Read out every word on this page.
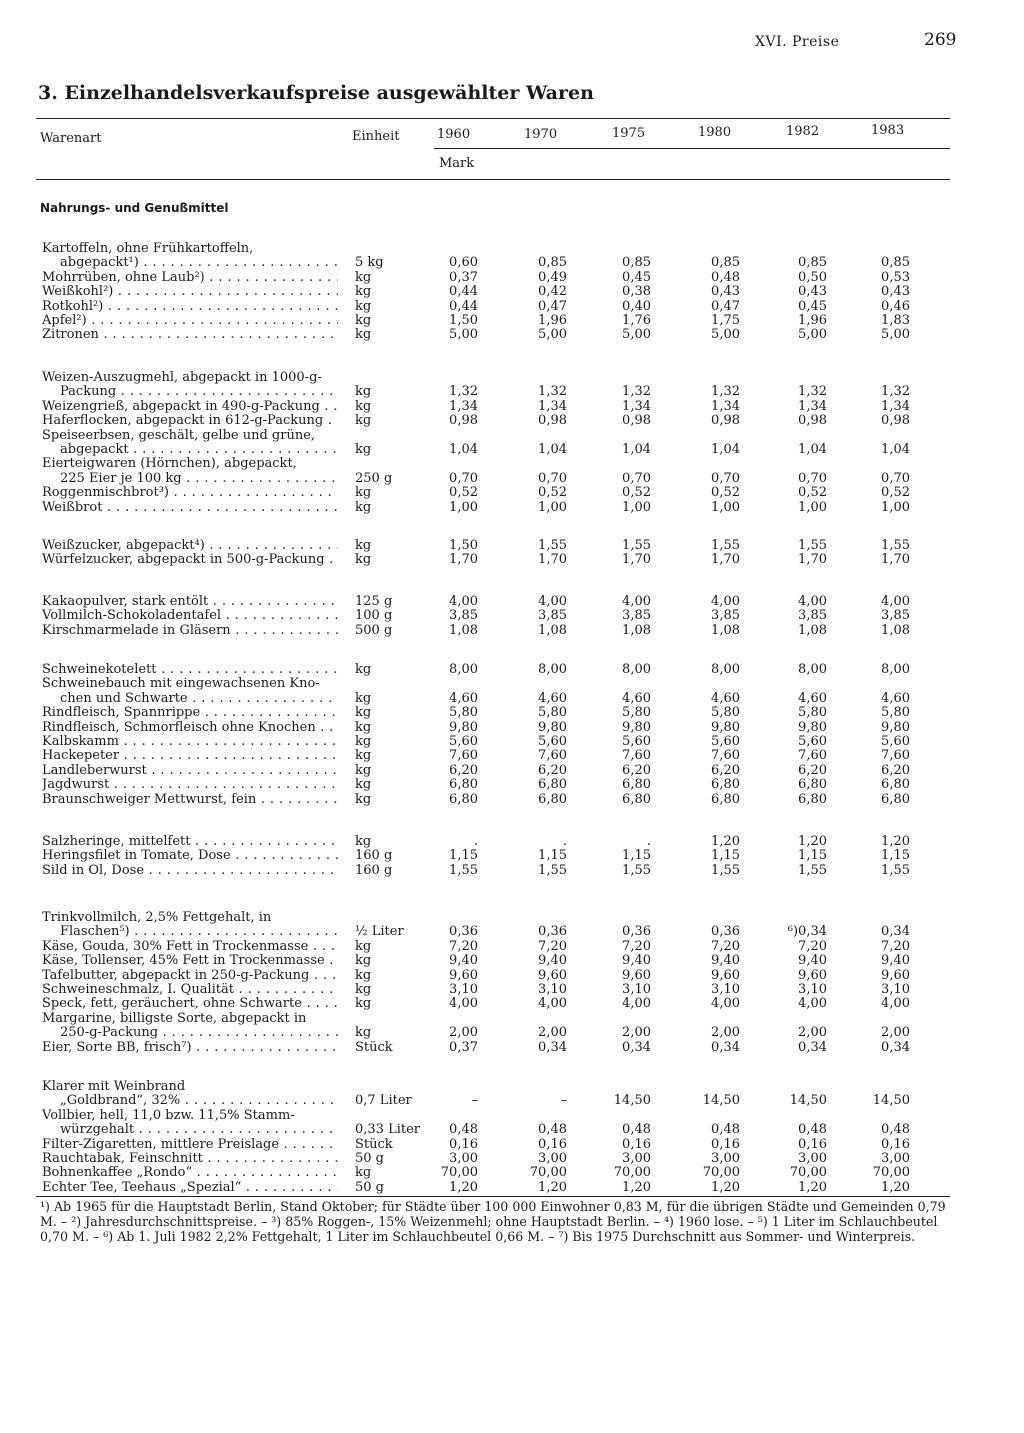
XVI. Preise	269
3. Einzelhandelsverkaufspreise ausgewählter Waren
Warenart	Einheit	1960	1970	1975	1980	1982	1983
Mark
Nahrungs- und Genußmittel
Kartoffeln, ohne Frühkartoffeln,
abgepackt¹) . . .	5 kg	0,60	0,85	0,85	0,85	0,85	0,85
Mohrrüben, ohne Laub²) . . .	kg	0,37	0,49	0,45	0,48	0,50	0,53
Weißkohl²) . . .	kg	0,44	0,42	0,38	0,43	0,43	0,43
Rotkohl²) . . .	kg	0,44	0,47	0,40	0,47	0,45	0,46
Äpfel²) . . .	kg	1,50	1,96	1,76	1,75	1,96	1,83
Zitronen . . .	kg	5,00	5,00	5,00	5,00	5,00	5,00
Weizen-Auszugmehl, abgepackt in 1000-g-
Packung . . .	kg	1,32	1,32	1,32	1,32	1,32	1,32
Weizengrieß, abgepackt in 490-g-Packung . . .	kg	1,34	1,34	1,34	1,34	1,34	1,34
Haferflocken, abgepackt in 612-g-Packung . . .	kg	0,98	0,98	0,98	0,98	0,98	0,98
Speiseerbsen, geschält, gelbe und grüne,
abgepackt . . .	kg	1,04	1,04	1,04	1,04	1,04	1,04
Eierteigwaren (Hörnchen), abgepackt,
225 Eier je 100 kg . . .	250 g	0,70	0,70	0,70	0,70	0,70	0,70
Roggenmischbrot³) . . .	kg	0,52	0,52	0,52	0,52	0,52	0,52
Weißbrot . . .	kg	1,00	1,00	1,00	1,00	1,00	1,00
Weißzucker, abgepackt⁴) . . .	kg	1,50	1,55	1,55	1,55	1,55	1,55
Würfelzucker, abgepackt in 500-g-Packung . . .	kg	1,70	1,70	1,70	1,70	1,70	1,70
Kakaopulver, stark entölt . . .	125 g	4,00	4,00	4,00	4,00	4,00	4,00
Vollmilch-Schokoladentafel . . .	100 g	3,85	3,85	3,85	3,85	3,85	3,85
Kirschmarmelade in Gläsern . . .	500 g	1,08	1,08	1,08	1,08	1,08	1,08
Schweinekotelett . . .	kg	8,00	8,00	8,00	8,00	8,00	8,00
Schweinebauch mit eingewachsenen Kno-
chen und Schwarte . . .	kg	4,60	4,60	4,60	4,60	4,60	4,60
Rindfleisch, Spannrippe . . .	kg	5,80	5,80	5,80	5,80	5,80	5,80
Rindfleisch, Schmorfleisch ohne Knochen . . .	kg	9,80	9,80	9,80	9,80	9,80	9,80
Kalbskamm . . .	kg	5,60	5,60	5,60	5,60	5,60	5,60
Hackepeter . . .	kg	7,60	7,60	7,60	7,60	7,60	7,60
Landleberwurst . . .	kg	6,20	6,20	6,20	6,20	6,20	6,20
Jagdwurst . . .	kg	6,80	6,80	6,80	6,80	6,80	6,80
Braunschweiger Mettwurst, fein . . .	kg	6,80	6,80	6,80	6,80	6,80	6,80
Salzheringe, mittelfett . . .	kg	.	.	.	1,20	1,20	1,20
Heringsfilet in Tomate, Dose . . .	160 g	1,15	1,15	1,15	1,15	1,15	1,15
Sild in Öl, Dose . . .	160 g	1,55	1,55	1,55	1,55	1,55	1,55
Trinkvollmilch, 2,5% Fettgehalt, in
Flaschen⁵) . . .	½ Liter	0,36	0,36	0,36	0,36	⁶)0,34	0,34
Käse, Gouda, 30% Fett in Trockenmasse . . .	kg	7,20	7,20	7,20	7,20	7,20	7,20
Käse, Tollenser, 45% Fett in Trockenmasse . . .	kg	9,40	9,40	9,40	9,40	9,40	9,40
Tafelbutter, abgepackt in 250-g-Packung . . .	kg	9,60	9,60	9,60	9,60	9,60	9,60
Schweineschmalz, I. Qualität . . .	kg	3,10	3,10	3,10	3,10	3,10	3,10
Speck, fett, geräuchert, ohne Schwarte . . .	kg	4,00	4,00	4,00	4,00	4,00	4,00
Margarine, billigste Sorte, abgepackt in
250-g-Packung . . .	kg	2,00	2,00	2,00	2,00	2,00	2,00
Eier, Sorte BB, frisch⁷) . . .	Stück	0,37	0,34	0,34	0,34	0,34	0,34
Klarer mit Weinbrand
„Goldbrand“, 32% . . .	0,7 Liter	–	–	14,50	14,50	14,50	14,50
Vollbier, hell, 11,0 bzw. 11,5% Stamm-
würzgehalt . . .	0,33 Liter	0,48	0,48	0,48	0,48	0,48	0,48
Filter-Zigaretten, mittlere Preislage . . .	Stück	0,16	0,16	0,16	0,16	0,16	0,16
Rauchtabak, Feinschnitt . . .	50 g	3,00	3,00	3,00	3,00	3,00	3,00
Bohnenkaffee „Rondo“ . . .	kg	70,00	70,00	70,00	70,00	70,00	70,00
Echter Tee, Teehaus „Spezial“ . . .	50 g	1,20	1,20	1,20	1,20	1,20	1,20

¹) Ab 1965 für die Hauptstadt Berlin, Stand Oktober; für Städte über 100 000 Einwohner 0,83 M, für die übrigen Städte und Gemeinden 0,79 M. – ²) Jahresdurchschnittspreise. – ³) 85% Roggen-, 15% Weizenmehl; ohne Hauptstadt Berlin. – ⁴) 1960 lose. – ⁵) 1 Liter im Schlauchbeutel 0,70 M. – ⁶) Ab 1. Juli 1982 2,2% Fettgehalt, 1 Liter im Schlauchbeutel 0,66 M. – ⁷) Bis 1975 Durchschnitt aus Sommer- und Winterpreis.
